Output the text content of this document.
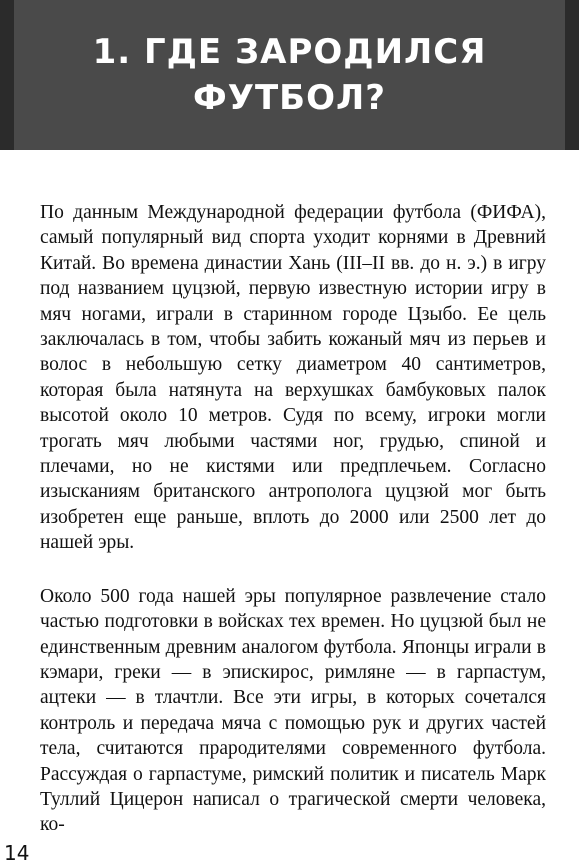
1. ГДЕ ЗАРОДИЛСЯ ФУТБОЛ?

По данным Международной федерации футбола (ФИФА), самый популярный вид спорта уходит корнями в Древний Китай. Во времена династии Хань (III–II вв. до н. э.) в игру под названием цуцзюй, первую известную истории игру в мяч ногами, играли в старинном городе Цзыбо. Ее цель заключалась в том, чтобы забить кожаный мяч из перьев и волос в небольшую сетку диаметром 40 сантиметров, которая была натянута на верхушках бамбуковых палок высотой около 10 метров. Судя по всему, игроки могли трогать мяч любыми частями ног, грудью, спиной и плечами, но не кистями или предплечьем. Согласно изысканиям британского антрополога цуцзюй мог быть изобретен еще раньше, вплоть до 2000 или 2500 лет до нашей эры.

Около 500 года нашей эры популярное развлечение стало частью подготовки в войсках тех времен. Но цуцзюй был не единственным древним аналогом футбола. Японцы играли в кэмари, греки — в эпискирос, римляне — в гарпастум, ацтеки — в тлачтли. Все эти игры, в которых сочетался контроль и передача мяча с помощью рук и других частей тела, считаются прародителями современного футбола. Рассуждая о гарпастуме, римский политик и писатель Марк Туллий Цицерон написал о трагической смерти человека, ко-

14
